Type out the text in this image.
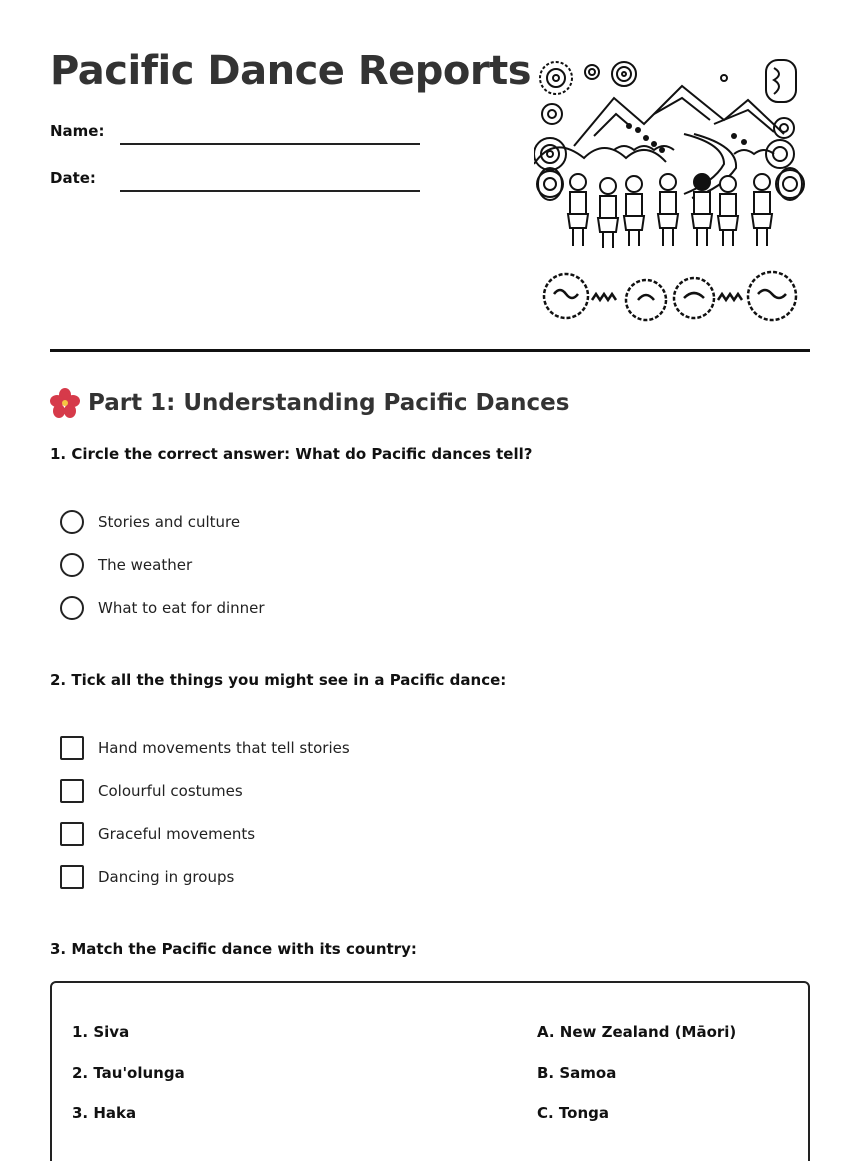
Pacific Dance Reports
Name:
Date:
Part 1: Understanding Pacific Dances
1. Circle the correct answer: What do Pacific dances tell?
Stories and culture
The weather
What to eat for dinner
2. Tick all the things you might see in a Pacific dance:
Hand movements that tell stories
Colourful costumes
Graceful movements
Dancing in groups
3. Match the Pacific dance with its country:
1. Siva
2. Tau'olunga
3. Haka
A. New Zealand (Māori)
B. Samoa
C. Tonga
